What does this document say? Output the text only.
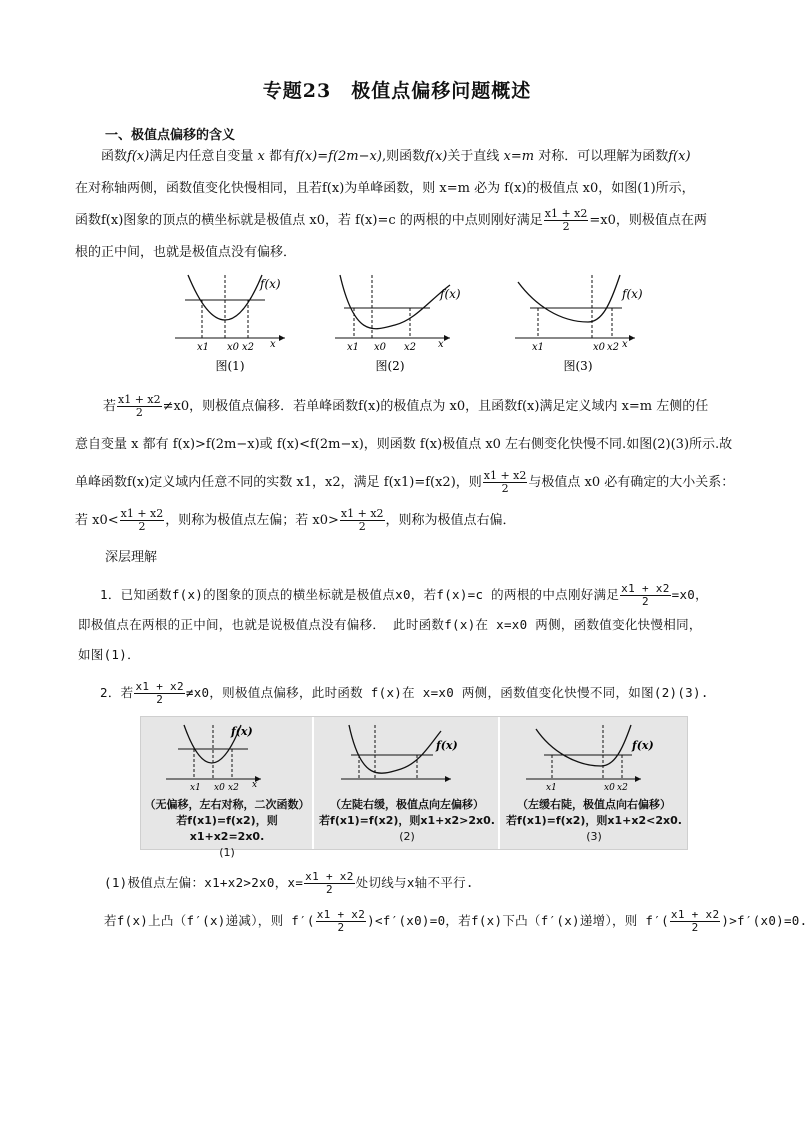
专题23　极值点偏移问题概述
一、极值点偏移的含义
函数f(x)满足内任意自变量 x 都有f(x)=f(2m−x),则函数f(x)关于直线 x=m 对称．可以理解为函数f(x)
在对称轴两侧，函数值变化快慢相同，且若f(x)为单峰函数，则 x=m 必为 f(x)的极值点 x0，如图(1)所示，
函数f(x)图象的顶点的横坐标就是极值点 x0，若 f(x)=c 的两根的中点则刚好满足 $\frac{x1 + x2}{2} =x0$，则极值点在两
根的正中间，也就是极值点没有偏移．
f(x)
x1 x0 x2 x
图(1)
f(x)
x1 x0 x2 x
图(2)
f(x)
x1	x0 x2 x
图(3)
若 $\frac{x1 + x2}{2} \ne x0$，则极值点偏移．若单峰函数f(x)的极值点为 x0，且函数f(x)满足定义域内 x=m 左侧的任
意自变量 x 都有 f(x)>f(2m−x)或 f(x)<f(2m−x)，则函数 f(x)极值点 x0 左右侧变化快慢不同.如图(2)(3)所示.故
单峰函数f(x)定义域内任意不同的实数 x1，x2，满足 f(x1)=f(x2)，则 $\frac{x1 + x2}{2}$ 与极值点 x0 必有确定的大小关系：
若 $x0< \frac{x1 + x2}{2}$ ，则称为极值点左偏；若 $x0> \frac{x1 + x2}{2}$ ，则称为极值点右偏．
深层理解
1．已知函数f(x)的图象的顶点的横坐标就是极值点x0，若f(x)=c 的两根的中点刚好满足 $\frac{x1 + x2}{2} =x0$，
即极值点在两根的正中间，也就是说极值点没有偏移． 此时函数f(x)在 x=x0 两侧，函数值变化快慢相同，
如图(1)．
2．若 $\frac{x1 + x2}{2} \ne x0$，则极值点偏移，此时函数 f(x)在 x=x0 两侧，函数值变化快慢不同，如图(2)(3).
f(x)
x1 x0 x2 x
f(x)	f(x)
x1	x0 x2
（无偏移，左右对称，二次函数）
若f(x1)=f(x2)，则x1+x2=2x0.
(1)
（左陡右缓，极值点向左偏移）
若f(x1)=f(x2)，则x1+x2>2x0.
(2)
（左缓右陡，极值点向右偏移）
若f(x1)=f(x2)，则x1+x2<2x0.
(3)
(1)极值点左偏：x1+x2>2x0，$x= \frac{x1 + x2}{2}$ 处切线与x轴不平行.
若f(x)上凸（f′(x)递减），则 $f'( \frac{x1 + x2}{2} )<f'(x0)=0$，若f(x)下凸（f′(x)递增），则 $f'( \frac{x1 + x2}{2} )>f'(x0)=0$.
